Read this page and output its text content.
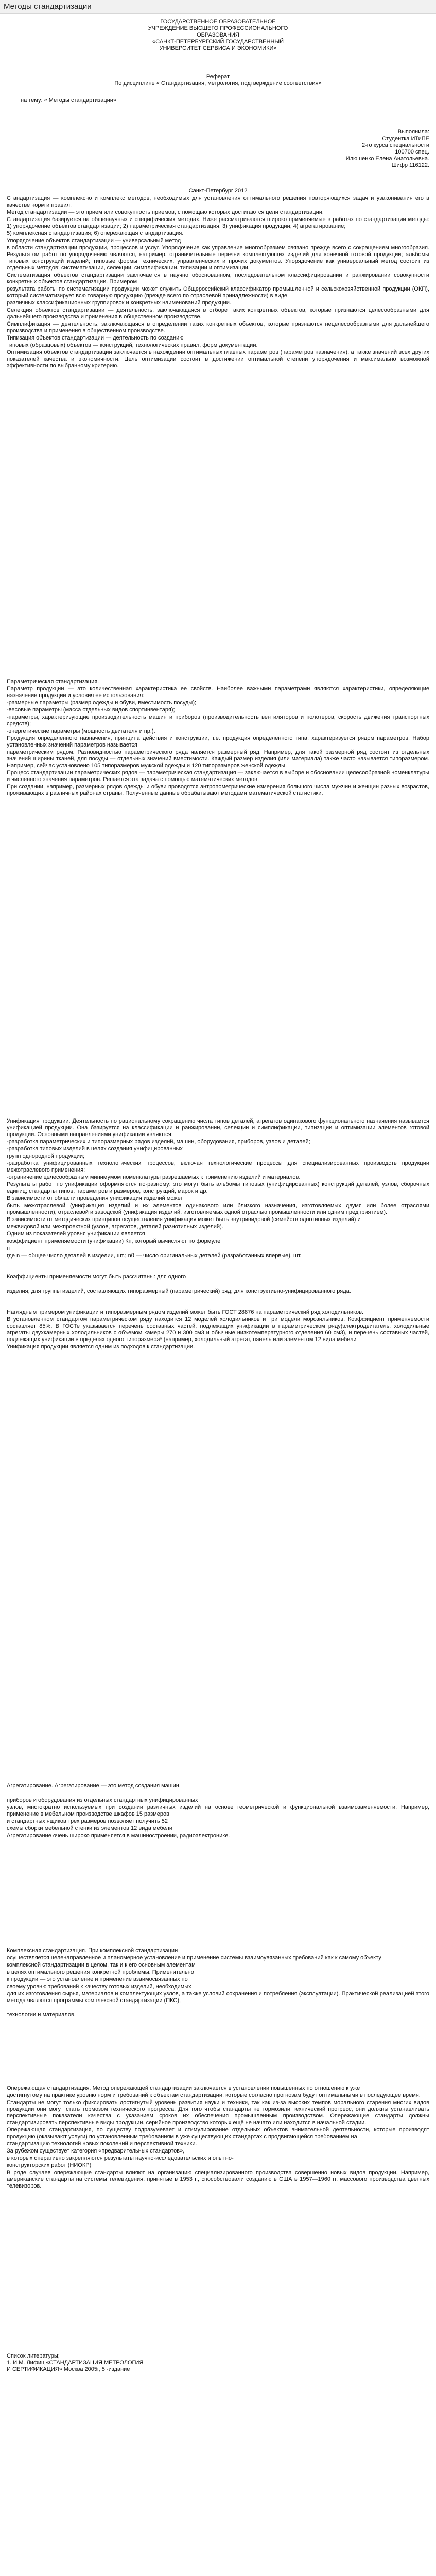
Методы стандартизации
ГОСУДАРСТВЕННОЕ ОБРАЗОВАТЕЛЬНОЕ
УЧРЕЖДЕНИЕ ВЫСШЕГО ПРОФЕССИОНАЛЬНОГО
ОБРАЗОВАНИЯ
«САНКТ-ПЕТЕРБУРГСКИЙ ГОСУДАРСТВЕННЫЙ
УНИВЕРСИТЕТ СЕРВИСА И ЭКОНОМИКИ»
Реферат
По дисциплине « Стандартизация, метрология, подтверждение соответствия»
на тему: « Методы стандартизации»
Выполнила:
Студентка ИТиПЕ
2-го курса специальности
100700 спец.
Илюшенко Елена Анатольевна.
Шифр 116122.
Санкт-Петербург 2012

Стандартизация — комплексно и комплекс методов, необходимых для установления оптимального решения повторяющихся задач и узаконивания его в качестве норм и правил.

Метод стандартизации — это прием или совокупность приемов, с помощью которых достигаются цели стандартизации.

Стандартизация базируется на общенаучных и специфических методах. Ниже рассматриваются широко применяемые в работах по стандартизации методы: 1) упорядочение объектов стандартизации; 2) параметрическая стандартизация; 3) унификация продукции; 4) агрегатирование;

5) комплексная стандартизация; 6) опережающая стандартизация.

Упорядочение объектов стандартизации — универсальный метод

в области стандартизации продукции, процессов и услуг. Упорядочение как управление многообразием связано прежде всего с сокращением многообразия. Результатом работ по упорядочению являются, например, ограничительные перечни комплектующих изделий для конечной готовой продукции; альбомы типовых конструкций изделий; типовые формы технических, управленческих и прочих документов. Упорядочение как универсальный метод состоит из отдельных методов: систематизации, селекции, симплификации, типизации и оптимизации.

Систематизация объектов стандартизации заключается в научно обоснованном, последовательном классифицировании и ранжировании совокупности конкретных объектов стандартизации. Примером

результата работы по систематизации продукции может служить Общероссийский классификатор промышленной и сельскохозяйственной продукции (ОКП), который систематизирует всю товарную продукцию (прежде всего по отраслевой принадлежности) в виде

различных классификационных группировок и конкретных наименований продукции.

Селекция объектов стандартизации — деятельность, заключающаяся в отборе таких конкретных объектов, которые признаются целесообразными для дальнейшего производства и применения в общественном производстве.

Симплификация — деятельность, заключающаяся в определении таких конкретных объектов, которые признаются нецелесообразными для дальнейшего производства и применения в общественном производстве.

Типизация объектов стандартизации — деятельность по созданию

типовых (образцовых) объектов — конструкций, технологических правил, форм документации.

Оптимизация объектов стандартизации заключается в нахождении оптимальных главных параметров (параметров назначения), а также значений всех других показателей качества и экономичности. Цель оптимизации состоит в достижении оптимальной степени упорядочения и максимально возможной эффективности по выбранному критерию.

Параметрическая стандартизация.

Параметр продукции — это количественная характеристика ее свойств. Наиболее важными параметрами являются характеристики, определяющие назначение продукции и условия ее использования:

-размерные параметры (размер одежды и обуви, вместимость посуды);

-весовые параметры (масса отдельных видов спортинвентаря);

-параметры, характеризующие производительность машин и приборов (производительность вентиляторов и полотеров, скорость движения транспортных средств);

-энергетические параметры (мощность двигателя и пр.).

Продукция определенного назначения, принципа действия и конструкции, т.е. продукция определенного типа, характеризуется рядом параметров. Набор установленных значений параметров называется

параметрическим рядом. Разновидностью параметрического ряда является размерный ряд. Например, для такой размерной ряд состоит из отдельных значений ширины тканей, для посуды — отдельных значений вместимости. Каждый размер изделия (или материала) также часто называется типоразмером. Например, сейчас установлено 105 типоразмеров мужской одежды и 120 типоразмеров женской одежды.

Процесс стандартизации параметрических рядов — параметрическая стандартизация — заключается в выборе и обосновании целесообразной номенклатуры и численного значения параметров. Решается эта задача с помощью математических методов.

При создании, например, размерных рядов одежды и обуви проводятся антропометрические измерения большого числа мужчин и женщин разных возрастов, проживающих в различных районах страны. Полученные данные обрабатывают методами математической статистики.

Унификация продукции. Деятельность по рациональному сокращению числа типов деталей, агрегатов одинакового функционального назначения называется унификацией продукции. Она базируется на классификации и ранжировании, селекции и симплификации, типизации и оптимизации элементов готовой продукции. Основными направлениями унификации являются:

-разработка параметрических и типоразмерных рядов изделий, машин, оборудования, приборов, узлов и деталей;

-разработка типовых изделий в целях создания унифицированных

групп однородной продукции;

-разработка унифицированных технологических процессов, включая технологические процессы для специализированных производств продукции межотраслевого применения;

-ограничение целесообразным минимумом номенклатуры разрешаемых к применению изделий и материалов.

Результаты работ по унификации оформляются по-разному: это могут быть альбомы типовых (унифицированных) конструкций деталей, узлов, сборочных единиц; стандарты типов, параметров и размеров, конструкций, марок и др.

В зависимости от области проведения унификация изделий может

быть межотраслевой (унификация изделий и их элементов одинакового или близкого назначения, изготовляемых двумя или более отраслями промышленности), отраслевой и заводской (унификация изделий, изготовляемых одной отраслью промышленности или одним предприятием).

В зависимости от методических принципов осуществления унификация может быть внутривидовой (семейств однотипных изделий) и

межвидовой или межпроектной (узлов, агрегатов, деталей разнотипных изделий).

Одним из показателей уровня унификации является

коэффициент применяемости (унификации) Кп, который вычисляют по формуле

п

где n — общее число деталей в изделии, шт.; n0 — число оригинальных деталей (разработанных впервые), шт.

Коэффициенты применяемости могут быть рассчитаны: для одного

изделия; для группы изделий, составляющих типоразмерный (параметрический) ряд; для конструктивно-унифицированного ряда.

Наглядным примером унификации и типоразмерным рядом изделий может быть ГОСТ 28876 на параметрический ряд холодильников.

В установленном стандартом параметрическом ряду находится 12 моделей холодильников и три модели морозильников. Коэффициент применяемости составляет 85%. В ГОСТе указывается перечень составных частей, подлежащих унификации в параметрическом ряду(электродвигатель, холодильные агрегаты двухкамерных холодильников с объемом камеры 270 и 300 см3 и обычные низкотемпературного отделения 60 см3), и перечень составных частей, подлежащих унификации в пределах одного типоразмера* (например, холодильный агрегат, панель или элементом 12 вида мебели

Унификация продукции является одним из подходов к стандартизации.

Агрегатирование. Агрегатирование — это метод создания машин,

приборов и оборудования из отдельных стандартных унифицированных

узлов, многократно используемых при создании различных изделий на основе геометрической и функциональной взаимозаменяемости. Например, применение в мебельном производстве шкафов 15 размеров

и стандартных ящиков трех размеров позволяет получить 52

схемы сборки мебельной стенки из элементов 12 вида мебели

Агрегатирование очень широко применяется в машиностроении, радиоэлектронике.

Комплексная стандартизация. При комплексной стандартизации

осуществляется целенаправленное и планомерное установление и применение системы взаимоувязанных требований как к самому объекту

комплексной стандартизации в целом, так и к его основным элементам

в целях оптимального решения конкретной проблемы. Применительно

к продукции — это установление и применение взаимосвязанных по

своему уровню требований к качеству готовых изделий, необходимых

для их изготовления сырья, материалов и комплектующих узлов, а также условий сохранения и потребления (эксплуатации). Практической реализацией этого метода являются программы комплексной стандартизации (ПКС),

технологии и материалов.

Опережающая стандартизация. Метод опережающей стандартизации заключается в установлении повышенных по отношению к уже

достигнутому на практике уровню норм и требований к объектам стандартизации, которые согласно прогнозам будут оптимальными в последующее время.

Стандарты не могут только фиксировать достигнутый уровень развития науки и техники, так как из-за высоких темпов морального старения многих видов продукции они могут стать тормозом технического прогресса. Для того чтобы стандарты не тормозили технический прогресс, они должны устанавливать перспективные показатели качества с указанием сроков их обеспечения промышленным производством. Опережающие стандарты должны стандартизировать перспективные виды продукции, серийное производство которых ещё не начато или находится в начальной стадии.

Опережающая стандартизация, по существу подразумевает и стимулирование отдельных объектов внимательной деятельности, которые производят продукцию (оказывают услуги) по установленным требованиям в уже существующих стандартах с продвигающейся требованием на

стандартизацию технологий новых поколений и перспективной техники.

За рубежом существует категория «предварительных стандартов»,

в которых оперативно закрепляются результаты научно-исследовательских и опытно-

конструкторских работ (НИОКР)

В ряде случаев опережающие стандарты влияют на организацию специализированного производства совершенно новых видов продукции. Например, американские стандарты на системы телевидения, принятые в 1953 г., способствовали созданию в США в 1957—1960 гг. массового производства цветных телевизоров.

Список литературы;
1. И.М. Лифиц «СТАНДАРТИЗАЦИЯ,МЕТРОЛОГИЯ
И СЕРТИФИКАЦИЯ» Москва 2005г, 5 -издание
